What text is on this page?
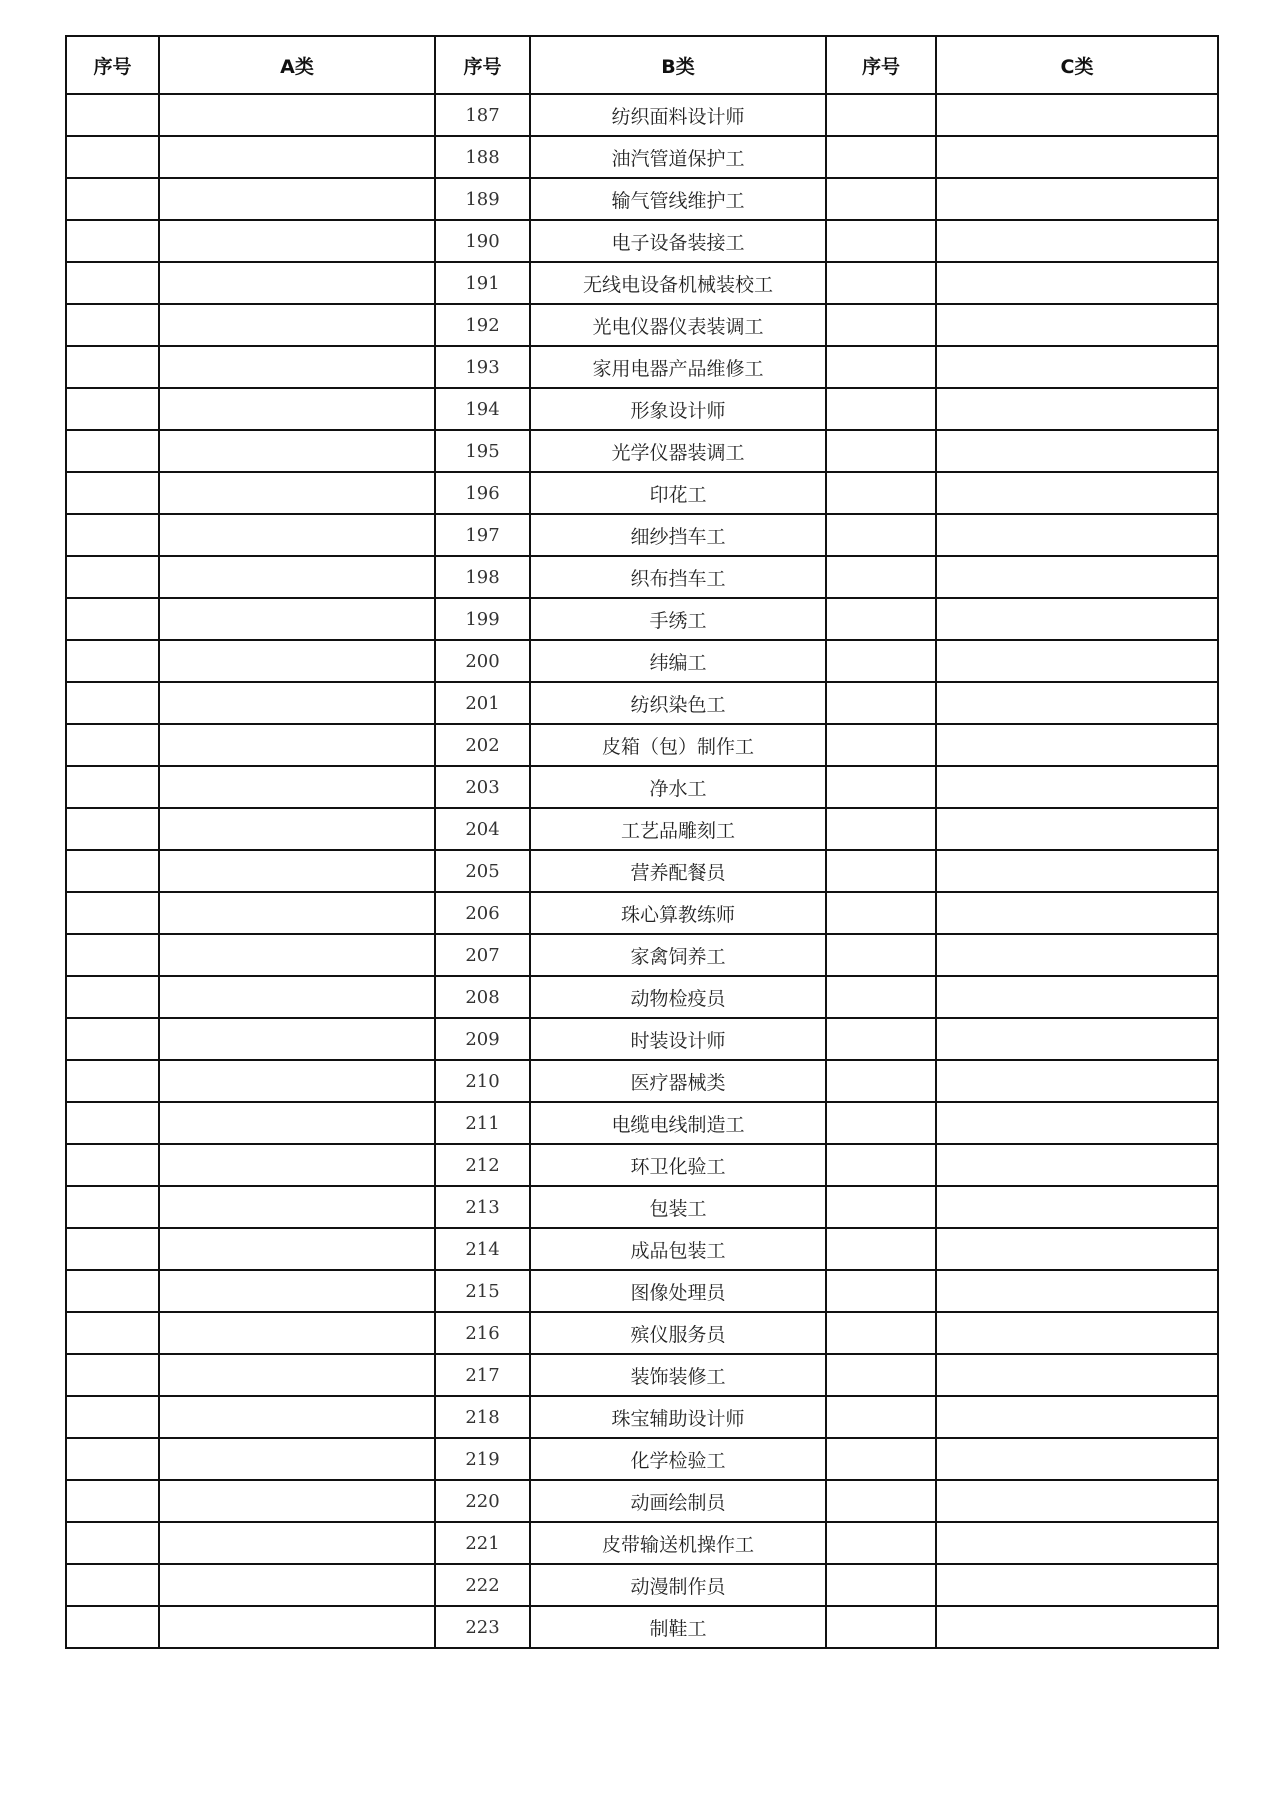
序号	A类	序号	B类	序号	C类
		187	纺织面料设计师		
		188	油汽管道保护工		
		189	输气管线维护工		
		190	电子设备装接工		
		191	无线电设备机械装校工		
		192	光电仪器仪表装调工		
		193	家用电器产品维修工		
		194	形象设计师		
		195	光学仪器装调工		
		196	印花工		
		197	细纱挡车工		
		198	织布挡车工		
		199	手绣工		
		200	纬编工		
		201	纺织染色工		
		202	皮箱（包）制作工		
		203	净水工		
		204	工艺品雕刻工		
		205	营养配餐员		
		206	珠心算教练师		
		207	家禽饲养工		
		208	动物检疫员		
		209	时装设计师		
		210	医疗器械类		
		211	电缆电线制造工		
		212	环卫化验工		
		213	包装工		
		214	成品包装工		
		215	图像处理员		
		216	殡仪服务员		
		217	装饰装修工		
		218	珠宝辅助设计师		
		219	化学检验工		
		220	动画绘制员		
		221	皮带输送机操作工		
		222	动漫制作员		
		223	制鞋工		
